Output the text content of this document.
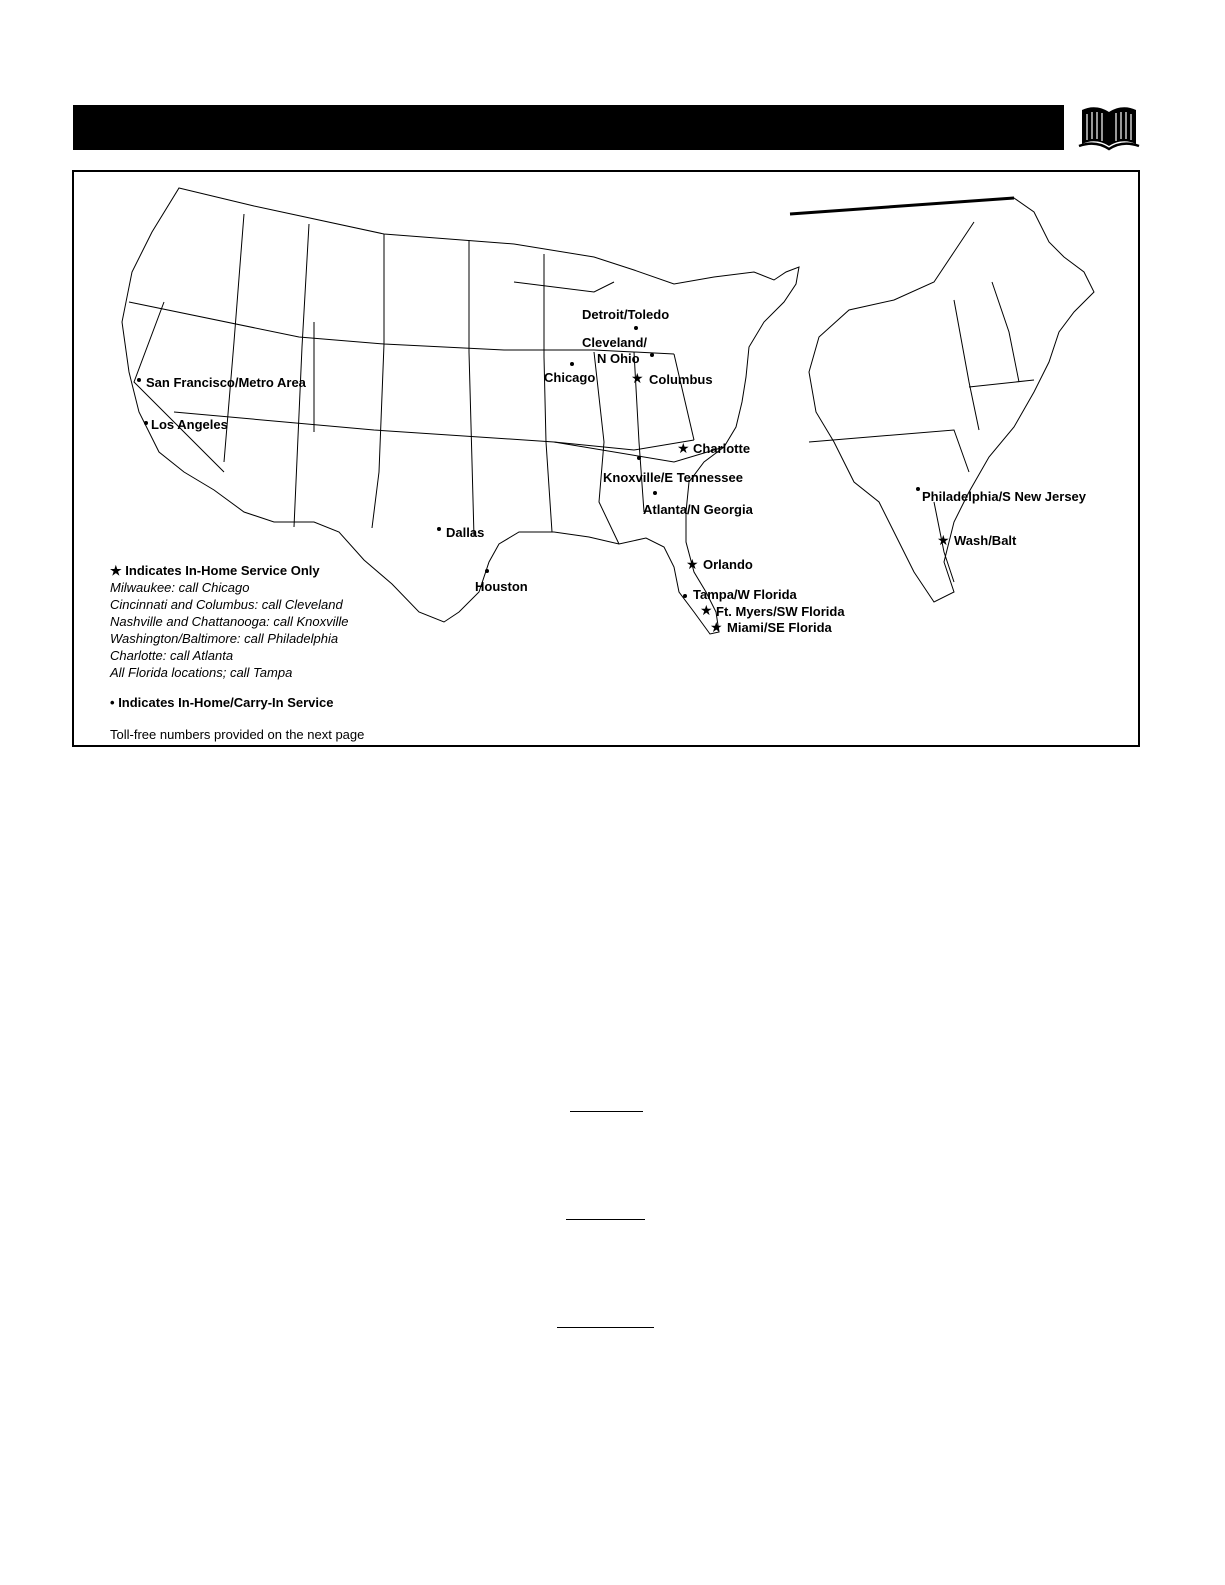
San Francisco/Metro Area
Los Angeles
Detroit/Toledo
Cleveland/
N Ohio
Chicago	★ Columbus
★ Charlotte
Knoxville/E Tennessee
Atlanta/N Georgia
Dallas
Houston
★ Orlando
Tampa/W Florida
★ Ft. Myers/SW Florida
★ Miami/SE Florida
Philadelphia/S New Jersey
★ Wash/Balt
★ Indicates In-Home Service Only
Milwaukee: call Chicago
Cincinnati and Columbus: call Cleveland
Nashville and Chattanooga: call Knoxville
Washington/Baltimore: call Philadelphia
Charlotte: call Atlanta
All Florida locations; call Tampa
• Indicates In-Home/Carry-In Service
Toll-free numbers provided on the next page
